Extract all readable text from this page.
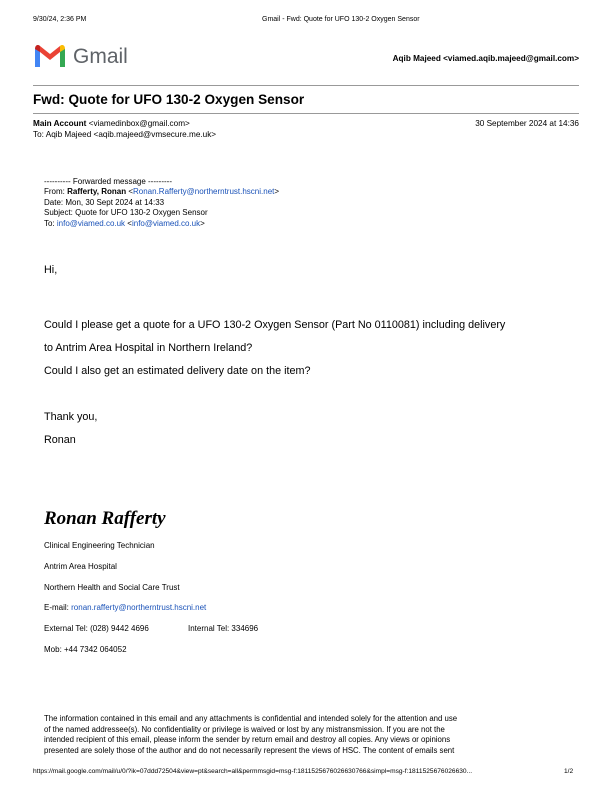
9/30/24, 2:36 PM	Gmail - Fwd: Quote for UFO 130-2 Oxygen Sensor
Gmail	Aqib Majeed <viamed.aqib.majeed@gmail.com>
Fwd: Quote for UFO 130-2 Oxygen Sensor
Main Account <viamedinbox@gmail.com>	30 September 2024 at 14:36
To: Aqib Majeed <aqib.majeed@vmsecure.me.uk>
---------- Forwarded message ---------
From: Rafferty, Ronan <Ronan.Rafferty@northerntrust.hscni.net>
Date: Mon, 30 Sept 2024 at 14:33
Subject: Quote for UFO 130-2 Oxygen Sensor
To: info@viamed.co.uk <info@viamed.co.uk>
Hi,
Could I please get a quote for a UFO 130-2 Oxygen Sensor (Part No 0110081) including delivery
to Antrim Area Hospital in Northern Ireland?
Could I also get an estimated delivery date on the item?
Thank you,
Ronan
Ronan Rafferty
Clinical Engineering Technician
Antrim Area Hospital
Northern Health and Social Care Trust
E-mail: ronan.rafferty@northerntrust.hscni.net
External Tel: (028) 9442 4696	Internal Tel: 334696
Mob: +44 7342 064052

The information contained in this email and any attachments is confidential and intended solely for the attention and use

of the named addressee(s). No confidentiality or privilege is waived or lost by any mistransmission. If you are not the

intended recipient of this email, please inform the sender by return email and destroy all copies. Any views or opinions

presented are solely those of the author and do not necessarily represent the views of HSC. The content of emails sent

https://mail.google.com/mail/u/0/?ik=07ddd72504&view=pt&search=all&permmsgid=msg-f:1811525676026630766&simpl=msg-f:1811525676026630...	1/2
